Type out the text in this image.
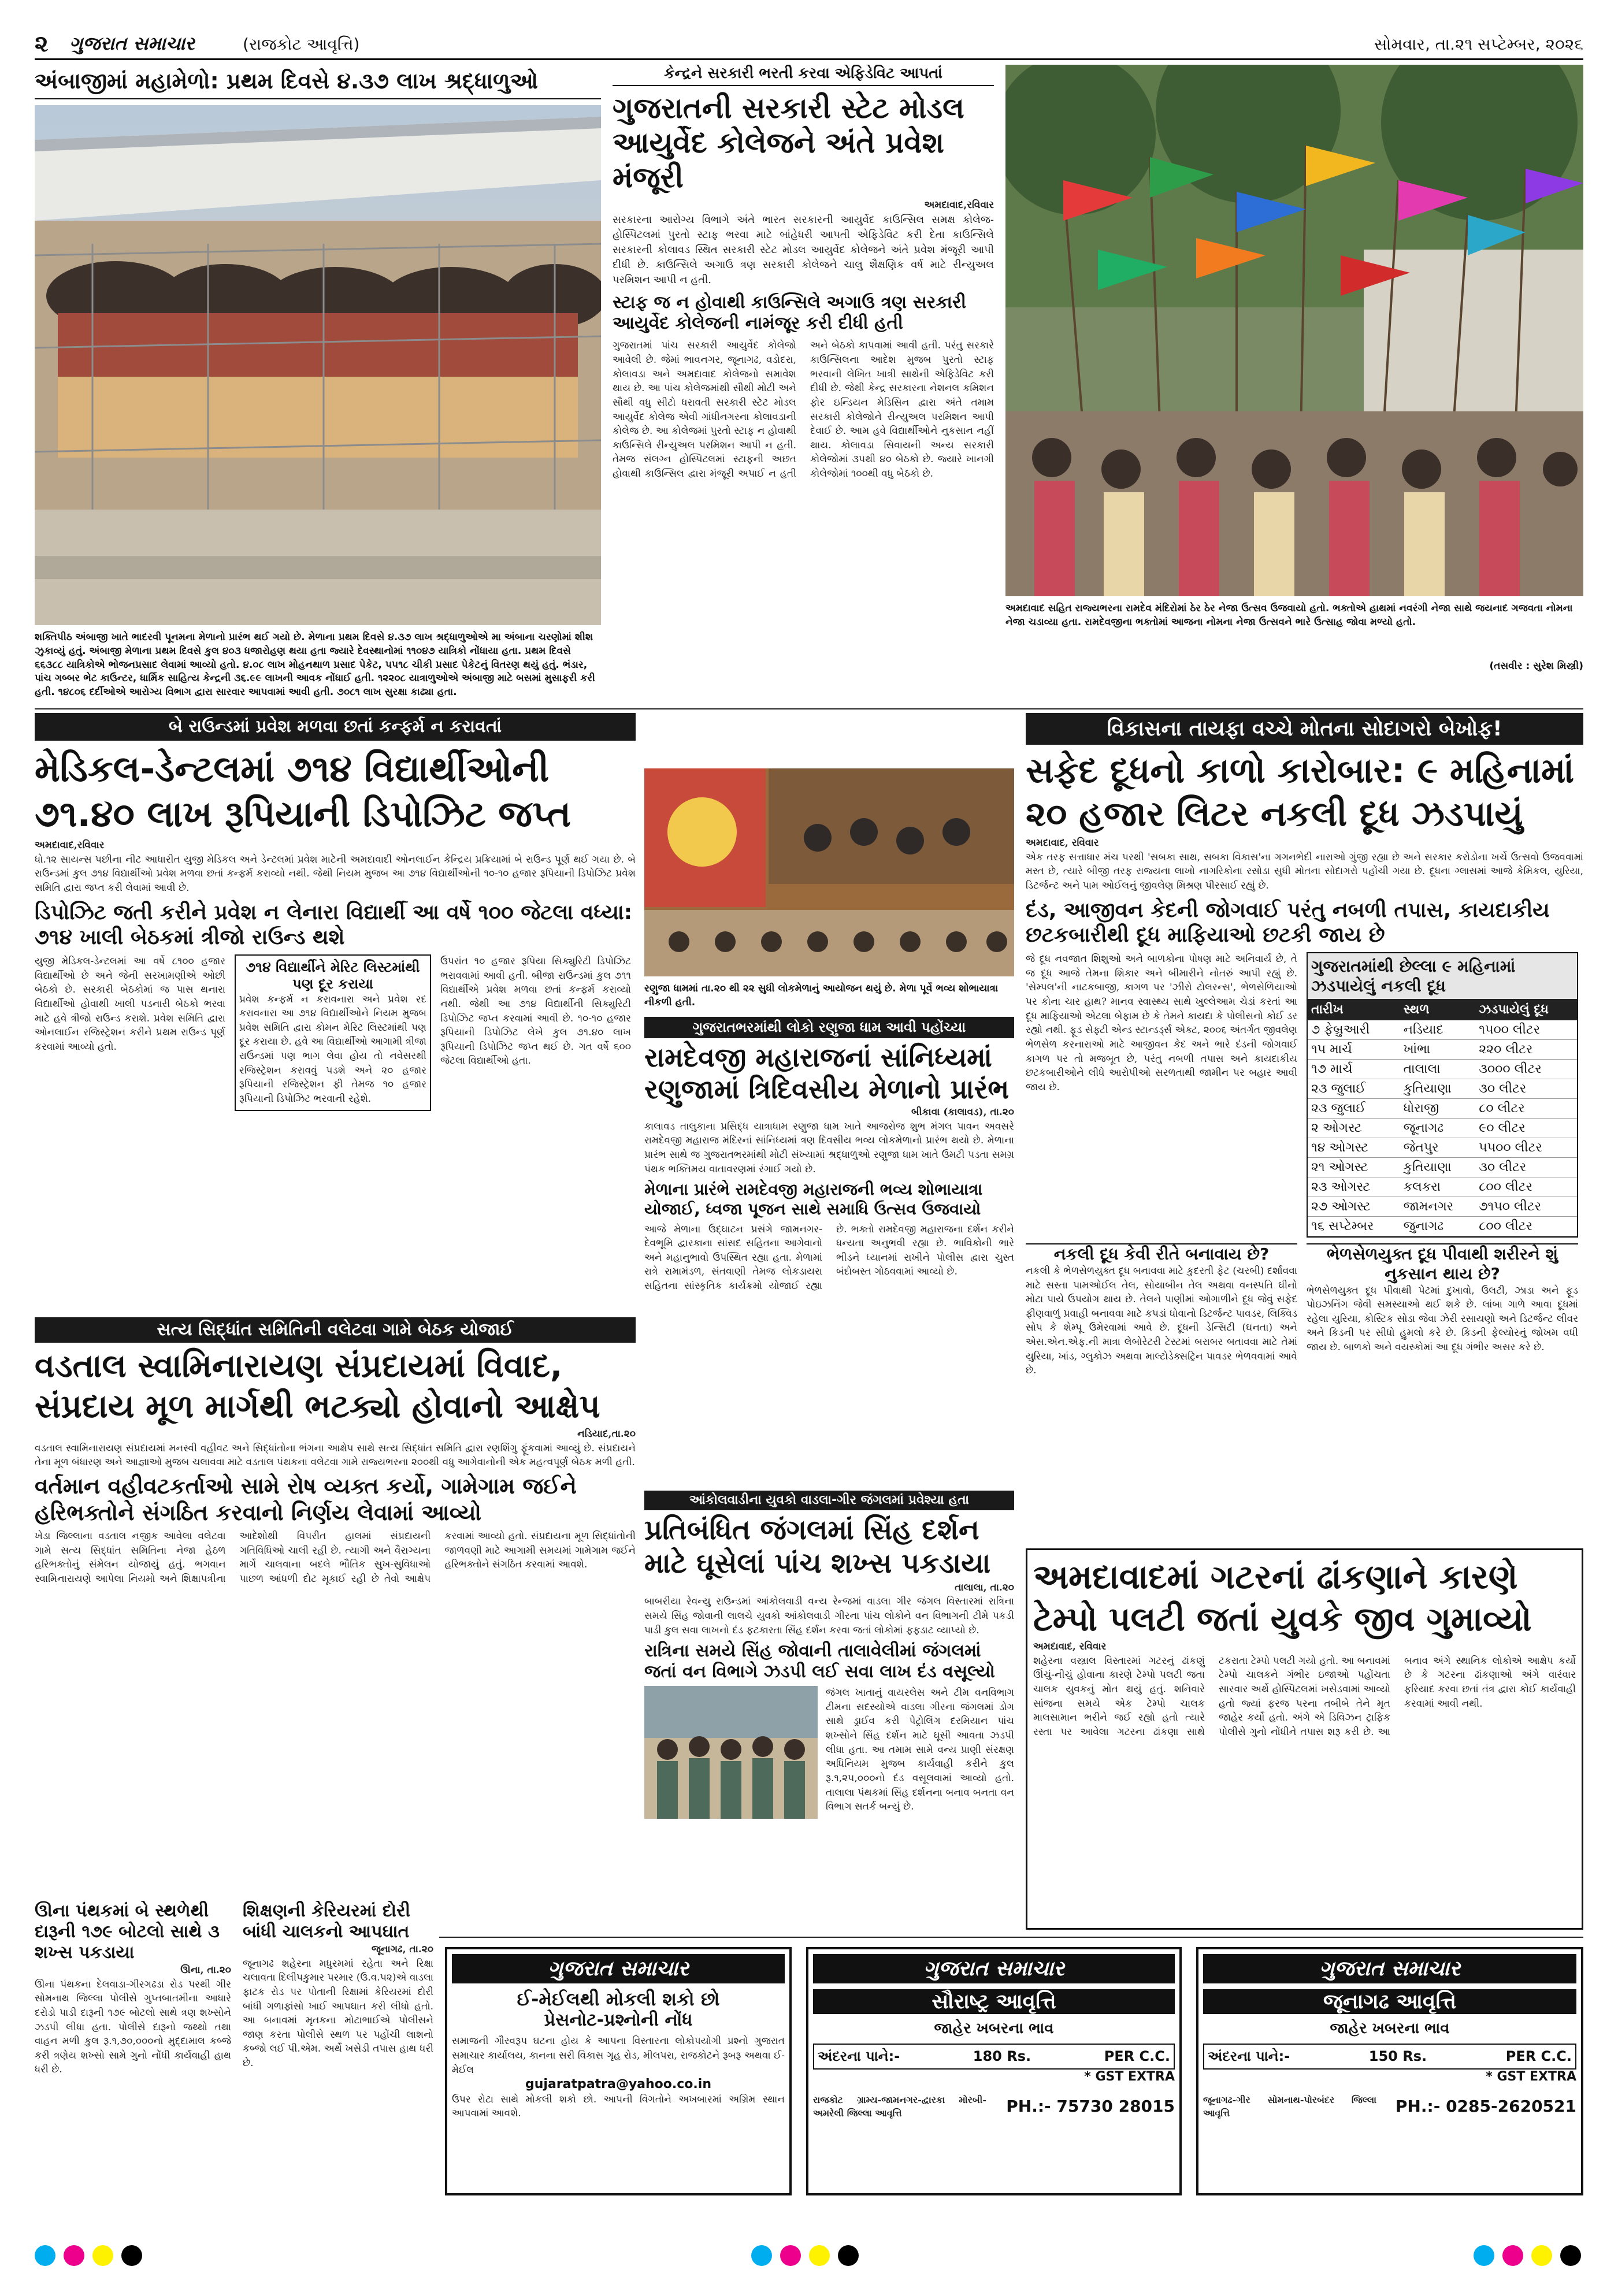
૨ ગુજરાત સમાચાર	(રાજકોટ આવૃત્તિ)	સોમવાર, તા.૨૧ સપ્ટેમ્બર, ૨૦૨૬
અંબાજીમાં મહામેળો: પ્રથમ દિવસે ૪.૩૭ લાખ શ્રદ્ધાળુઓ
શક્તિપીઠ અંબાજી ખાતે ભાદરવી પૂનમના મેળાનો પ્રારંભ થઈ ગયો છે. મેળાના પ્રથમ દિવસે ૪.૩૭ લાખ શ્રદ્ધાળુઓએ મા અંબાના ચરણોમાં શીશ ઝુકાવ્યું હતું. અંબાજી મેળાના પ્રથમ દિવસે કુલ ૪૦૩ ધજારોહણ થયા હતા જ્યારે દેવસ્થાનોમાં ૧૧૦૪૭ યાત્રિકો નોંધાયા હતા. પ્રથમ દિવસે ૬૬૩૮૮ યાત્રિકોએ ભોજનપ્રસાદ લેવામાં આવ્યો હતો. ૪.૦૮ લાખ મોહનથાળ પ્રસાદ પેકેટ, ૫૫૧૮ ચીકી પ્રસાદ પેકેટનું વિતરણ થયું હતું. ભંડાર, પાંચ ગબ્બર ભેટ કાઉન્ટર, ધાર્મિક સાહિત્ય કેન્દ્રની ૩૬.૯૯ લાખની આવક નોંધાઈ હતી. ૧૨૨૦૮ યાત્રાળુઓએ અંબાજી માટે બસમાં મુસાફરી કરી હતી. ૧૪૮૦૬ દર્દીઓએ આરોગ્ય વિભાગ દ્વારા સારવાર આપવામાં આવી હતી. ૭૦૮૧ લાખ સુરક્ષા કાઢ્યા હતા.
કેન્દ્રને સરકારી ભરતી કરવા એફિડેવિટ આપતાં
ગુજરાતની સરકારી સ્ટેટ મોડલ આયુર્વેદ કોલેજને અંતે પ્રવેશ મંજૂરી
અમદાવાદ,રવિવાર
સરકારના આરોગ્ય વિભાગે અંતે ભારત સરકારની આયુર્વેદ કાઉન્સિલ સમક્ષ કોલેજ-હોસ્પિટલમાં પુરતો સ્ટાફ ભરવા માટે બાંહેધરી આપતી એફિડેવિટ કરી દેતા કાઉન્સિલે સરકારની કોલાવડ સ્થિત સરકારી સ્ટેટ મોડલ આયુર્વેદ કોલેજને અંતે પ્રવેશ મંજૂરી આપી દીધી છે. કાઉન્સિલે અગાઉ ત્રણ સરકારી કોલેજને ચાલુ શૈક્ષણિક વર્ષ માટે રીન્યુઅલ પરમિશન આપી ન હતી.
સ્ટાફ જ ન હોવાથી કાઉન્સિલે અગાઉ ત્રણ સરકારી આયુર્વેદ કોલેજની નામંજૂર કરી દીધી હતી
ગુજરાતમાં પાંચ સરકારી આયુર્વેદ કોલેજો આવેલી છે. જેમાં ભાવનગર, જૂનાગઢ, વડોદરા, કોલાવડા અને અમદાવાદ કોલેજનો સમાવેશ થાય છે. આ પાંચ કોલેજમાંથી સૌથી મોટી અને સૌથી વધુ સીટો ધરાવતી સરકારી સ્ટેટ મોડલ આયુર્વેદ કોલેજ એવી ગાંધીનગરના કોલાવડાની કોલેજ છે. આ કોલેજમાં પુરતો સ્ટાફ ન હોવાથી કાઉન્સિલે રીન્યુઅલ પરમિશન આપી ન હતી. તેમજ સંલગ્ન હોસ્પિટલમાં સ્ટાફની અછત હોવાથી કાઉન્સિલ દ્વારા મંજૂરી અપાઈ ન હતી અને બેઠકો કાપવામાં આવી હતી. પરંતુ સરકારે કાઉન્સિલના આદેશ મુજબ પુરતો સ્ટાફ ભરવાની લેખિત ખાત્રી સાથેની એફિડેવિટ કરી દીધી છે. જેથી કેન્દ્ર સરકારના નેશનલ કમિશન ફોર ઇન્ડિયન મેડિસિન દ્વારા અંતે તમામ સરકારી કોલેજોને રીન્યુઅલ પરમિશન આપી દેવાઈ છે. આમ હવે વિદ્યાર્થીઓને નુકસાન નહીં થાય. કોલાવડા સિવાયની અન્ય સરકારી કોલેજોમાં ૩૫થી ૪૦ બેઠકો છે. જ્યારે ખાનગી કોલેજોમાં ૧૦૦થી વધુ બેઠકો છે.
અમદાવાદ સહિત રાજ્યભરના રામદેવ મંદિરોમાં ઠેર ઠેર નેજા ઉત્સવ ઉજવાયો હતો. ભક્તોએ હાથમાં નવરંગી નેજા સાથે જયનાદ ગજવતા નોમના નેજા ચડાવ્યા હતા. રામદેવજીના ભક્તોમાં આજના નોમના નેજા ઉત્સવને ભારે ઉત્સાહ જોવા મળ્યો હતો.
(તસવીર : સુરેશ મિસ્ત્રી)
બે રાઉન્ડમાં પ્રવેશ મળવા છતાં કન્ફર્મ ન કરાવતાં
મેડિકલ-ડેન્ટલમાં ૭૧૪ વિદ્યાર્થીઓની ૭૧.૪૦ લાખ રૂપિયાની ડિપોઝિટ જપ્ત
અમદાવાદ,રવિવાર
ધો.૧૨ સાયન્સ પછીના નીટ આધારીત યુજી મેડિકલ અને ડેન્ટલમાં પ્રવેશ માટેની અમદાવાદી ઓનલાઈન કેન્દ્રિય પ્રક્રિયામાં બે રાઉન્ડ પૂર્ણ થઈ ગયા છે. બે રાઉન્ડમાં કુલ ૭૧૪ વિદ્યાર્થીઓ પ્રવેશ મળવા છતાં કન્ફર્મ કરાવ્યો નથી. જેથી નિયમ મુજબ આ ૭૧૪ વિદ્યાર્થીઓની ૧૦-૧૦ હજાર રૂપિયાની ડિપોઝિટ પ્રવેશ સમિતિ દ્વારા જપ્ત કરી લેવામાં આવી છે.
ડિપોઝિટ જતી કરીને પ્રવેશ ન લેનારા વિદ્યાર્થી આ વર્ષે ૧૦૦ જેટલા વધ્યા: ૭૧૪ ખાલી બેઠકમાં ત્રીજો રાઉન્ડ થશે
યુજી મેડિકલ-ડેન્ટલમાં આ વર્ષે ૮૧૦૦ હજાર વિદ્યાર્થીઓ છે અને જેની સરખામણીએ ઓછી બેઠકો છે. સરકારી બેઠકોમાં જ પાસ થનારા વિદ્યાર્થીઓ હોવાથી ખાલી પડનારી બેઠકો ભરવા માટે હવે ત્રીજો રાઉન્ડ કરાશે. પ્રવેશ સમિતિ દ્વારા ઓનલાઈન રજિસ્ટ્રેશન કરીને પ્રથમ રાઉન્ડ પૂર્ણ કરવામાં આવ્યો હતો.
૭૧૪ વિદ્યાર્થીને મેરિટ લિસ્ટમાંથી પણ દૂર કરાયા
પ્રવેશ કન્ફર્મ ન કરાવનારા અને પ્રવેશ રદ કરાવનારા આ ૭૧૪ વિદ્યાર્થીઓને નિયમ મુજબ પ્રવેશ સમિતિ દ્વારા કોમન મેરિટ લિસ્ટમાંથી પણ દૂર કરાયા છે. હવે આ વિદ્યાર્થીઓ આગામી ત્રીજા રાઉન્ડમાં પણ ભાગ લેવા હોય તો નવેસરથી રજિસ્ટ્રેશન કરાવવું પડશે અને ૨૦ હજાર રૂપિયાની રજિસ્ટ્રેશન ફી તેમજ ૧૦ હજાર રૂપિયાની ડિપોઝિટ ભરવાની રહેશે.
ઉપરાંત ૧૦ હજાર રૂપિયા સિક્યુરિટી ડિપોઝિટ ભરાવવામાં આવી હતી. બીજા રાઉન્ડમાં કુલ ૭૧૧ વિદ્યાર્થીએ પ્રવેશ મળવા છતાં કન્ફર્મ કરાવ્યો નથી. જેથી આ ૭૧૪ વિદ્યાર્થીની સિક્યુરિટી ડિપોઝિટ જપ્ત કરવામાં આવી છે. ૧૦-૧૦ હજાર રૂપિયાની ડિપોઝિટ લેખે કુલ ૭૧.૪૦ લાખ રૂપિયાની ડિપોઝિટ જપ્ત થઈ છે. ગત વર્ષે ૬૦૦ જેટલા વિદ્યાર્થીઓ હતા.
રણુજા ધામમાં તા.૨૦ થી ૨૨ સુધી લોકમેળાનું આયોજન થયું છે. મેળા પૂર્વે ભવ્ય શોભાયાત્રા નીકળી હતી.
ગુજરાતભરમાંથી લોકો રણુજા ધામ આવી પહોંચ્યા
રામદેવજી મહારાજનાં સાંનિધ્યમાં રણુજામાં ત્રિદિવસીય મેળાનો પ્રારંભ
બીકાવા (કાલાવડ), તા.૨૦
કાલાવડ તાલુકાના પ્રસિદ્ધ યાત્રાધામ રણુજા ધામ ખાતે આજરોજ શુભ મંગલ પાવન અવસરે રામદેવજી મહારાજ મંદિરનાં સાંનિધ્યમાં ત્રણ દિવસીય ભવ્ય લોકમેળાનો પ્રારંભ થયો છે. મેળાના પ્રારંભ સાથે જ ગુજરાતભરમાંથી મોટી સંખ્યામાં શ્રદ્ધાળુઓ રણુજા ધામ ખાતે ઉમટી પડતા સમગ્ર પંથક ભક્તિમય વાતાવરણમાં રંગાઈ ગયો છે.
મેળાના પ્રારંભે રામદેવજી મહારાજની ભવ્ય શોભાયાત્રા યોજાઈ, ધ્વજા પૂજન સાથે સમાધિ ઉત્સવ ઉજવાયો
આજે મેળાના ઉદ્ઘાટન પ્રસંગે જામનગર-દેવભૂમિ દ્વારકાના સાંસદ સહિતના આગેવાનો અને મહાનુભાવો ઉપસ્થિત રહ્યા હતા. મેળામાં રાત્રે રામામંડળ, સંતવાણી તેમજ લોકડાયરા સહિતના સાંસ્કૃતિક કાર્યક્રમો યોજાઈ રહ્યા છે. ભક્તો રામદેવજી મહારાજના દર્શન કરીને ધન્યતા અનુભવી રહ્યા છે. ભાવિકોની ભારે ભીડને ધ્યાનમાં રાખીને પોલીસ દ્વારા ચુસ્ત બંદોબસ્ત ગોઠવવામાં આવ્યો છે.
વિકાસના તાયફા વચ્ચે મોતના સોદાગરો બેખોફ!
સફેદ દૂધનો કાળો કારોબાર: ૯ મહિનામાં ૨૦ હજાર લિટર નકલી દૂધ ઝડપાયું
અમદાવાદ, રવિવાર
એક તરફ સત્તાધાર મંચ પરથી 'સબકા સાથ, સબકા વિકાસ'ના ગગનભેદી નારાઓ ગુંજી રહ્યા છે અને સરકાર કરોડોના ખર્ચે ઉત્સવો ઉજવવામાં મસ્ત છે, ત્યારે બીજી તરફ રાજ્યના લાખો નાગરિકોના રસોડા સુધી મોતના સોદાગરો પહોંચી ગયા છે. દૂધના ગ્લાસમાં આજે કેમિકલ, યુરિયા, ડિટર્જન્ટ અને પામ ઓઈલનું જીવલેણ મિશ્રણ પીરસાઈ રહ્યું છે.
દંડ, આજીવન કેદની જોગવાઈ પરંતુ નબળી તપાસ, કાયદાકીય છટકબારીથી દૂધ માફિયાઓ છટકી જાય છે
જે દૂધ નવજાત શિશુઓ અને બાળકોના પોષણ માટે અનિવાર્ય છે, તે જ દૂધ આજે તેમના શિકાર અને બીમારીને નોતરું આપી રહ્યું છે. 'સેમ્પલ'ની નાટકબાજી, કાગળ પર 'ઝીરો ટોલરન્સ', ભેળસેળિયાઓ પર કોના ચાર હાથ? માનવ સ્વાસ્થ્ય સાથે ખુલ્લેઆમ ચેડાં કરતાં આ દૂધ માફિયાઓ એટલા બેફામ છે કે તેમને કાયદા કે પોલીસનો કોઈ ડર રહ્યો નથી. ફૂડ સેફ્ટી એન્ડ સ્ટાન્ડર્ડ્સ એક્ટ, ૨૦૦૬ અંતર્ગત જીવલેણ ભેળસેળ કરનારાઓ માટે આજીવન કેદ અને ભારે દંડની જોગવાઈ કાગળ પર તો મજબૂત છે, પરંતુ નબળી તપાસ અને કાયદાકીય છટકબારીઓને લીધે આરોપીઓ સરળતાથી જામીન પર બહાર આવી જાય છે.
ગુજરાતમાંથી છેલ્લા ૯ મહિનામાં ઝડપાયેલું નકલી દૂધ
તારીખ	સ્થળ	ઝડપાયેલું દૂધ
૭ ફેબ્રુઆરી	નડિયાદ	૧૫૦૦ લીટર
૧૫ માર્ચ	ખાંભા	૨૨૦ લીટર
૧૭ માર્ચ	તાલાલા	૩૦૦૦ લીટર
૨૩ જુલાઈ	કુતિયાણા	૩૦ લીટર
૨૩ જુલાઈ	ધોરાજી	૮૦ લીટર
૨ ઓગસ્ટ	જૂનાગઢ	૯૦ લીટર
૧૪ ઓગસ્ટ	જેતપુર	૫૫૦૦ લીટર
૨૧ ઓગસ્ટ	કુતિયાણા	૩૦ લીટર
૨૩ ઓગસ્ટ	કલકરા	૮૦૦ લીટર
૨૭ ઓગસ્ટ	જામનગર	૭૧૫૦ લીટર
૧૬ સપ્ટેમ્બર	જુનાગઢ	૮૦૦ લીટર
નકલી દૂધ કેવી રીતે બનાવાય છે?
નકલી કે ભેળસેળયુક્ત દૂધ બનાવવા માટે કુદરતી ફેટ (ચરબી) દર્શાવવા માટે સસ્તા પામઓઈલ તેલ, સોયાબીન તેલ અથવા વનસ્પતિ ઘીનો મોટા પાયે ઉપયોગ થાય છે. તેલને પાણીમાં ઓગાળીને દૂધ જેવું સફેદ ફીણવાળું પ્રવાહી બનાવવા માટે કપડાં ધોવાનો ડિટર્જન્ટ પાવડર, લિક્વિડ સોપ કે શેમ્પૂ ઉમેરવામાં આવે છે. દૂધની ડેન્સિટી (ઘનતા) અને એસ.એન.એફ.ની માત્રા લેબોરેટરી ટેસ્ટમાં બરાબર બતાવવા માટે તેમાં યુરિયા, ખાંડ, ગ્લુકોઝ અથવા માલ્ટોડેક્સટ્રિન પાવડર ભેળવવામાં આવે છે.
ભેળસેળયુક્ત દૂધ પીવાથી શરીરને શું નુકસાન થાય છે?
ભેળસેળયુક્ત દૂધ પીવાથી પેટમાં દુખાવો, ઉલટી, ઝાડા અને ફૂડ પોઇઝનિંગ જેવી સમસ્યાઓ થઈ શકે છે. લાંબા ગાળે આવા દૂધમાં રહેલા યુરિયા, કોસ્ટિક સોડા જેવા ઝેરી રસાયણો અને ડિટર્જન્ટ લીવર અને કિડની પર સીધો હુમલો કરે છે. કિડની ફેલ્યોરનું જોખમ વધી જાય છે. બાળકો અને વયસ્કોમાં આ દૂધ ગંભીર અસર કરે છે.
સત્ય સિદ્ધાંત સમિતિની વલેટવા ગામે બેઠક યોજાઈ
વડતાલ સ્વામિનારાયણ સંપ્રદાયમાં વિવાદ, સંપ્રદાય મૂળ માર્ગથી ભટક્યો હોવાનો આક્ષેપ
નડિયાદ,તા.૨૦
વડતાલ સ્વામિનારાયણ સંપ્રદાયમાં મનસ્વી વહીવટ અને સિદ્ધાંતોના ભંગના આક્ષેપ સાથે સત્ય સિદ્ધાંત સમિતિ દ્વારા રણશિંગુ ફૂંકવામાં આવ્યું છે. સંપ્રદાયને તેના મૂળ બંધારણ અને આજ્ઞાઓ મુજબ ચલાવવા માટે વડતાલ પંથકના વલેટવા ગામે રાજ્યભરના ૨૦૦થી વધુ આગેવાનોની એક મહત્વપૂર્ણ બેઠક મળી હતી.
વર્તમાન વહીવટકર્તાઓ સામે રોષ વ્યક્ત કર્યો, ગામેગામ જઈને હરિભક્તોને સંગઠિત કરવાનો નિર્ણય લેવામાં આવ્યો
ખેડા જિલ્લાના વડતાલ નજીક આવેલા વલેટવા ગામે સત્ય સિદ્ધાંત સમિતિના નેજા હેઠળ હરિભક્તોનું સંમેલન યોજાયું હતું. ભગવાન સ્વામિનારાયણે આપેલા નિયમો અને શિક્ષાપત્રીના આદેશોથી વિપરીત હાલમાં સંપ્રદાયની ગતિવિધિઓ ચાલી રહી છે. ત્યાગી અને વૈરાગ્યના માર્ગે ચાલવાના બદલે ભૌતિક સુખ-સુવિધાઓ પાછળ આંધળી દોટ મૂકાઈ રહી છે તેવો આક્ષેપ કરવામાં આવ્યો હતો. સંપ્રદાયના મૂળ સિદ્ધાંતોની જાળવણી માટે આગામી સમયમાં ગામેગામ જઈને હરિભક્તોને સંગઠિત કરવામાં આવશે.
ઊના પંથકમાં બે સ્થળેથી દારૂની ૧૭૯ બોટલો સાથે ૩ શખ્સ પકડાયા
ઊના, તા.૨૦
ઊના પંથકના દેલવાડા-ગીરગઢડા રોડ પરથી ગીર સોમનાથ જિલ્લા પોલીસે ગુપ્તબાતમીના આધારે દરોડો પાડી દારૂની ૧૭૯ બોટલો સાથે ત્રણ શખ્સોને ઝડપી લીધા હતા. પોલીસે દારૂનો જથ્થો તથા વાહન મળી કુલ રૂ.૧,૭૦,૦૦૦નો મુદ્દામાલ કબ્જે કરી ત્રણેય શખ્સો સામે ગુનો નોંધી કાર્યવાહી હાથ ધરી છે.
શિક્ષણની કેરિયરમાં દોરી બાંધી ચાલકનો આપઘાત
જૂનાગઢ, તા.૨૦
જૂનાગઢ શહેરના મધુરમમાં રહેતા અને રિક્ષા ચલાવતા દિલીપકુમાર પરમાર (ઉ.વ.૫૨)એ વાડલા ફાટક રોડ પર પોતાની રિક્ષામાં કેરિયરમાં દોરી બાંધી ગળાફાંસો ખાઈ આપઘાત કરી લીધો હતો. આ બનાવમાં મૃતકના મોટાભાઈએ પોલીસને જાણ કરતા પોલીસે સ્થળ પર પહોંચી લાશનો કબ્જો લઈ પી.એમ. અર્થે ખસેડી તપાસ હાથ ધરી છે.
આંકોલવાડીના યુવકો વાડલા-ગીર જંગલમાં પ્રવેશ્યા હતા
પ્રતિબંધિત જંગલમાં સિંહ દર્શન માટે ઘૂસેલાં પાંચ શખ્સ પકડાયા
તાલાલા, તા.૨૦
બાબરીયા રેવન્યુ રાઉન્ડમાં આંકોલવાડી વન્ય રેન્જમાં વાડલા ગીર જંગલ વિસ્તારમાં રાત્રિના સમયે સિંહ જોવાની લાલચે યુવકો આંકોલવાડી ગીરના પાંચ લોકોને વન વિભાગની ટીમે પકડી પાડી કુલ સવા લાખનો દંડ ફટકારતા સિંહ દર્શન કરવા જતાં લોકોમાં ફફડાટ વ્યાપ્યો છે.
રાત્રિના સમયે સિંહ જોવાની તાલાવેલીમાં જંગલમાં જતાં વન વિભાગે ઝડપી લઈ સવા લાખ દંડ વસૂલ્યો
જંગલ ખાતાનું વાયરલેસ અને ટીમ વનવિભાગ ટીમના સદસ્યોએ વાડલા ગીરના જંગલમાં ડોગ સાથે ડ્રાઈવ કરી પેટ્રોલિંગ દરમિયાન પાંચ શખ્સોને સિંહ દર્શન માટે ઘૂસી આવતા ઝડપી લીધા હતા. આ તમામ સામે વન્ય પ્રાણી સંરક્ષણ અધિનિયમ મુજબ કાર્યવાહી કરીને કુલ રૂ.૧,૨૫,૦૦૦નો દંડ વસૂલવામાં આવ્યો હતો. તાલાલા પંથકમાં સિંહ દર્શનના બનાવ બનતા વન વિભાગ સતર્ક બન્યું છે.
અમદાવાદમાં ગટરનાં ઢાંકણાને કારણે ટેમ્પો પલટી જતાં યુવકે જીવ ગુમાવ્યો
અમદાવાદ, રવિવાર
શહેરના વસ્ત્રાલ વિસ્તારમાં ગટરનું ઢાંકણું ઊંચું-નીચું હોવાના કારણે ટેમ્પો પલટી જતા ચાલક યુવકનું મોત થયું હતું. શનિવારે સાંજના સમયે એક ટેમ્પો ચાલક માલસામાન ભરીને જઈ રહ્યો હતો ત્યારે રસ્તા પર આવેલા ગટરના ઢાંકણા સાથે ટકરાતા ટેમ્પો પલટી ગયો હતો. આ બનાવમાં ટેમ્પો ચાલકને ગંભીર ઇજાઓ પહોંચતા સારવાર અર્થે હોસ્પિટલમાં ખસેડવામાં આવ્યો હતો જ્યાં ફરજ પરના તબીબે તેને મૃત જાહેર કર્યો હતો. અંગે એ ડિવિઝન ટ્રાફિક પોલીસે ગુનો નોંધીને તપાસ શરૂ કરી છે. આ બનાવ અંગે સ્થાનિક લોકોએ આક્ષેપ કર્યો છે કે ગટરના ઢાંકણાઓ અંગે વારંવાર ફરિયાદ કરવા છતાં તંત્ર દ્વારા કોઈ કાર્યવાહી કરવામાં આવી નથી.
ગુજરાત સમાચાર
ઈ-મેઈલથી મોકલી શકો છો
પ્રેસનોટ-પ્રશ્નોની નોંધ
સમાજની ગૌરવરૂપ ઘટના હોય કે આપના વિસ્તારના લોકોપયોગી પ્રશ્નો ગુજરાત સમાચાર કાર્યાલય, કાનના સરી વિકાસ ગૃહ રોડ, મીલપરા, રાજકોટને રૂબરૂ અથવા ઈ-મેઈલ
gujaratpatra@yahoo.co.in
ઉપર રોટા સાથે મોકલી શકો છો. આપની વિગતોને અખબારમાં અગ્રિમ સ્થાન આપવામાં આવશે.
ગુજરાત સમાચાર
સૌરાષ્ટ્ર આવૃત્તિ
જાહેર ખબરના ભાવ
અંદરના પાને:-	180 Rs.	PER C.C.
* GST EXTRA
રાજકોટ ગ્રામ્ય-જામનગર-દ્વારકા મોરબી-અમરેલી જિલ્લા આવૃત્તિ	PH.:- 75730 28015
ગુજરાત સમાચાર
જૂનાગઢ આવૃત્તિ
જાહેર ખબરના ભાવ
અંદરના પાને:-	150 Rs.	PER C.C.
* GST EXTRA
જૂનાગઢ-ગીર સોમનાથ-પોરબંદર જિલ્લા આવૃત્તિ	PH.:- 0285-2620521
